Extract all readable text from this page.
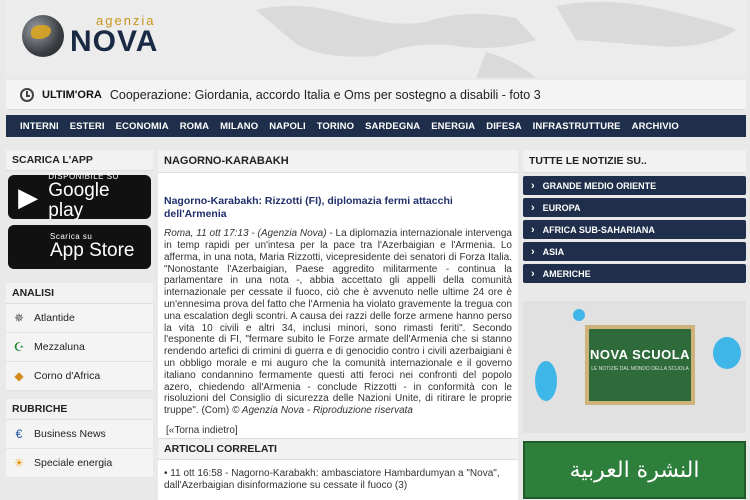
agenzia
NOVA
ULTIM'ORA Cooperazione: Giordania, accordo Italia e Oms per sostegno a disabili - foto 3
INTERNI ESTERI ECONOMIA ROMA MILANO NAPOLI TORINO SARDEGNA ENERGIA DIFESA INFRASTRUTTURE ARCHIVIO
SCARICA L'APP
▶
DISPONIBILE SU
Google play
Scarica su
App Store
ANALISI
✵ Atlantide
☪ Mezzaluna
◆ Corno d'Africa
RUBRICHE
€	Business News
☀ Speciale energia
NAGORNO-KARABAKH
Nagorno-Karabakh: Rizzotti (FI), diplomazia fermi attacchi dell'Armenia
Roma, 11 ott 17:13 - (Agenzia Nova) - La diplomazia internazionale intervenga in temp rapidi per un'intesa per la pace tra l'Azerbaigian e l'Armenia. Lo afferma, in una nota, Maria Rizzotti, vicepresidente dei senatori di Forza Italia. "Nonostante l'Azerbaigian, Paese aggredito militarmente - continua la parlamentare in una nota -, abbia accettato gli appelli della comunità internazionale per cessate il fuoco, ciò che è avvenuto nelle ultime 24 ore è un'ennesima prova del fatto che l'Armenia ha violato gravemente la tregua con una escalation degli scontri. A causa dei razzi delle forze armene hanno perso la vita 10 civili e altri 34, inclusi minori, sono rimasti feriti". Secondo l'esponente di FI, "fermare subito le Forze armate dell'Armenia che si stanno rendendo artefici di crimini di guerra e di genocidio contro i civili azerbaigiani è un obbligo morale e mi auguro che la comunità internazionale e il governo italiano condannino fermamente questi atti feroci nei confronti del popolo azero, chiedendo all'Armenia - conclude Rizzotti - in conformità con le risoluzioni del Consiglio di sicurezza delle Nazioni Unite, di ritirare le proprie truppe". (Com) © Agenzia Nova - Riproduzione riservata
[«Torna indietro]
ARTICOLI CORRELATI
• 11 ott 16:58 - Nagorno-Karabakh: ambasciatore Hambardumyan a "Nova", dall'Azerbaigian disinformazione su cessate il fuoco (3)
TUTTE LE NOTIZIE SU..
› GRANDE MEDIO ORIENTE
› EUROPA
› AFRICA SUB-SAHARIANA
› ASIA
› AMERICHE
NOVA SCUOLA
LE NOTIZIE DAL MONDO DELLA SCUOLA
النشرة العربية
